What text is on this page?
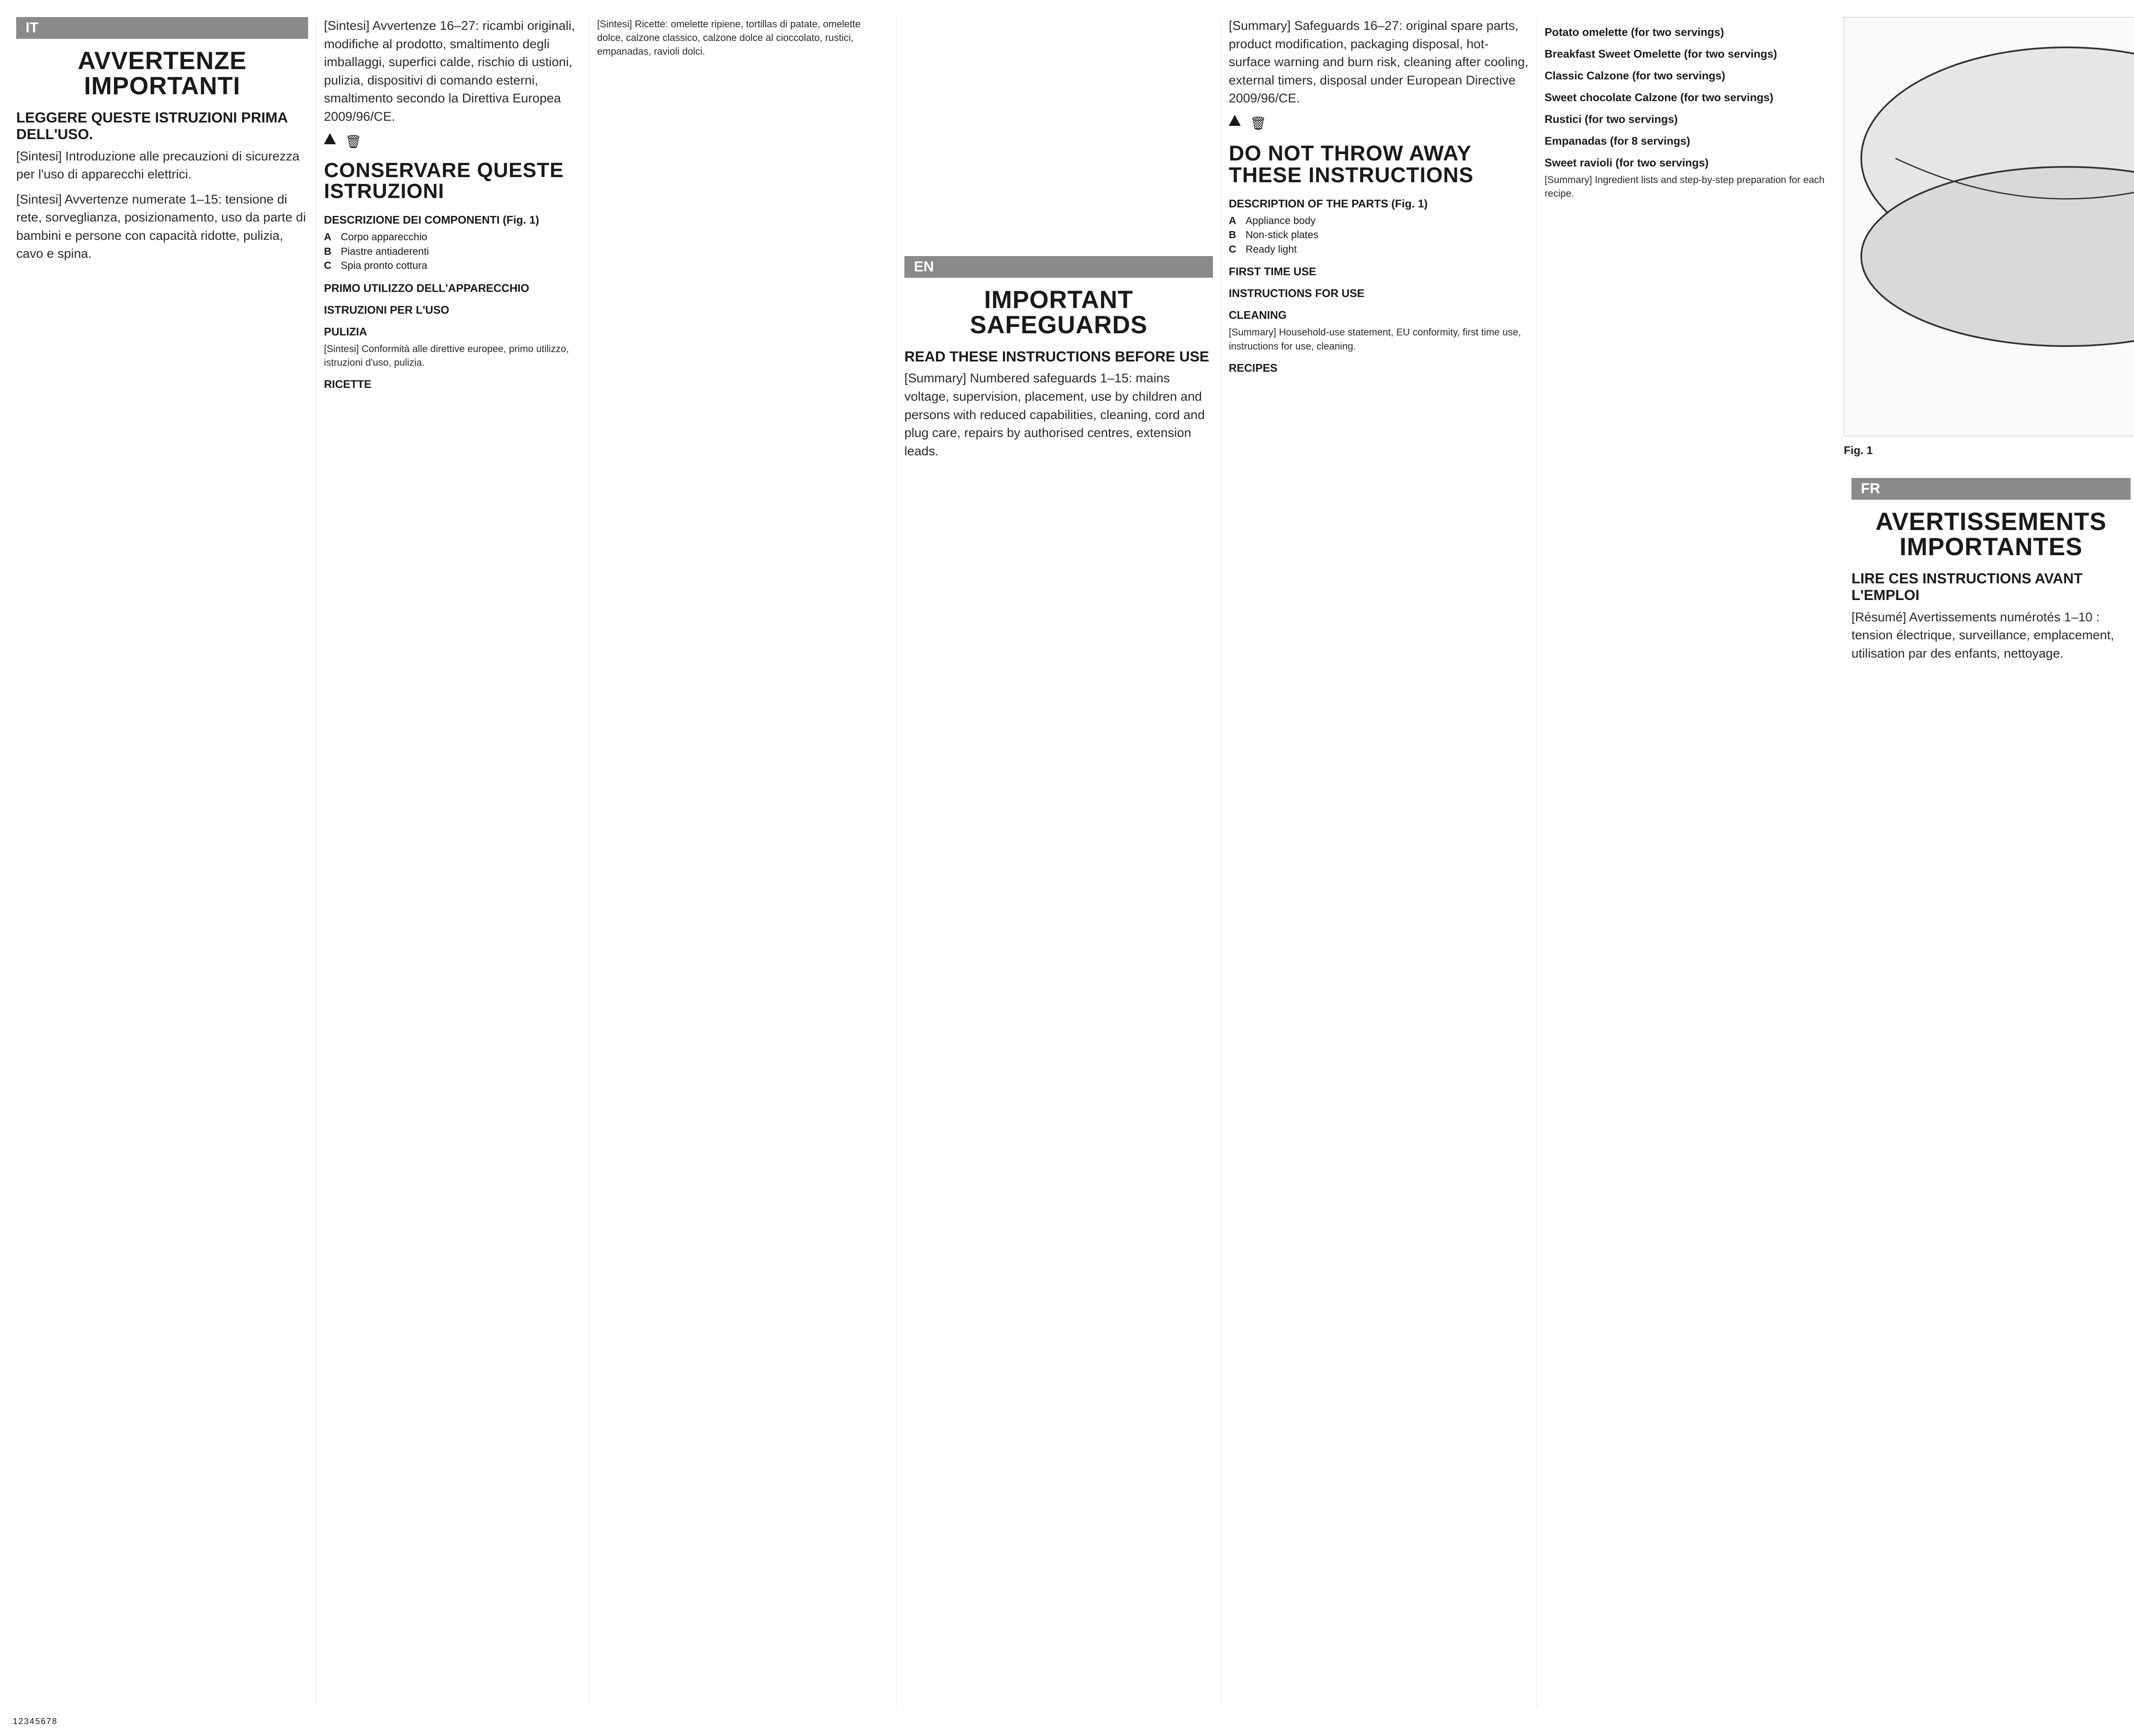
IT
AVVERTENZE IMPORTANTI
LEGGERE QUESTE ISTRUZIONI PRIMA DELL'USO.

[Sintesi] Introduzione alle precauzioni di sicurezza per l'uso di apparecchi elettrici.

[Sintesi] Avvertenze numerate 1–15: tensione di rete, sorveglianza, posizionamento, uso da parte di bambini e persone con capacità ridotte, pulizia, cavo e spina.

[Sintesi] Avvertenze 16–27: ricambi originali, modifiche al prodotto, smaltimento degli imballaggi, superfici calde, rischio di ustioni, pulizia, dispositivi di comando esterni, smaltimento secondo la Direttiva Europea 2009/96/CE.

🗑
CONSERVARE QUESTE ISTRUZIONI
DESCRIZIONE DEI COMPONENTI (Fig. 1)
A Corpo apparecchio
B Piastre antiaderenti
C Spia pronto cottura
PRIMO UTILIZZO DELL'APPARECCHIO
ISTRUZIONI PER L'USO
PULIZIA

[Sintesi] Conformità alle direttive europee, primo utilizzo, istruzioni d'uso, pulizia.

RICETTE

[Sintesi] Ricette: omelette ripiene, tortillas di patate, omelette dolce, calzone classico, calzone dolce al cioccolato, rustici, empanadas, ravioli dolci.

EN
IMPORTANT SAFEGUARDS
READ THESE INSTRUCTIONS BEFORE USE

[Summary] Numbered safeguards 1–15: mains voltage, supervision, placement, use by children and persons with reduced capabilities, cleaning, cord and plug care, repairs by authorised centres, extension leads.

[Summary] Safeguards 16–27: original spare parts, product modification, packaging disposal, hot-surface warning and burn risk, cleaning after cooling, external timers, disposal under European Directive 2009/96/CE.

🗑
DO NOT THROW AWAY THESE INSTRUCTIONS
DESCRIPTION OF THE PARTS (Fig. 1)
A Appliance body
B Non-stick plates
C Ready light
FIRST TIME USE
INSTRUCTIONS FOR USE
CLEANING

[Summary] Household-use statement, EU conformity, first time use, instructions for use, cleaning.

RECIPES
Potato omelette (for two servings)
Breakfast Sweet Omelette (for two servings)
Classic Calzone (for two servings)
Sweet chocolate Calzone (for two servings)
Rustici (for two servings)
Empanadas (for 8 servings)
Sweet ravioli (for two servings)

[Summary] Ingredient lists and step-by-step preparation for each recipe.

Fig. 1
FR
AVERTISSEMENTS IMPORTANTES
LIRE CES INSTRUCTIONS AVANT L'EMPLOI

[Résumé] Avertissements numérotés 1–10 : tension électrique, surveillance, emplacement, utilisation par des enfants, nettoyage.

12345678
